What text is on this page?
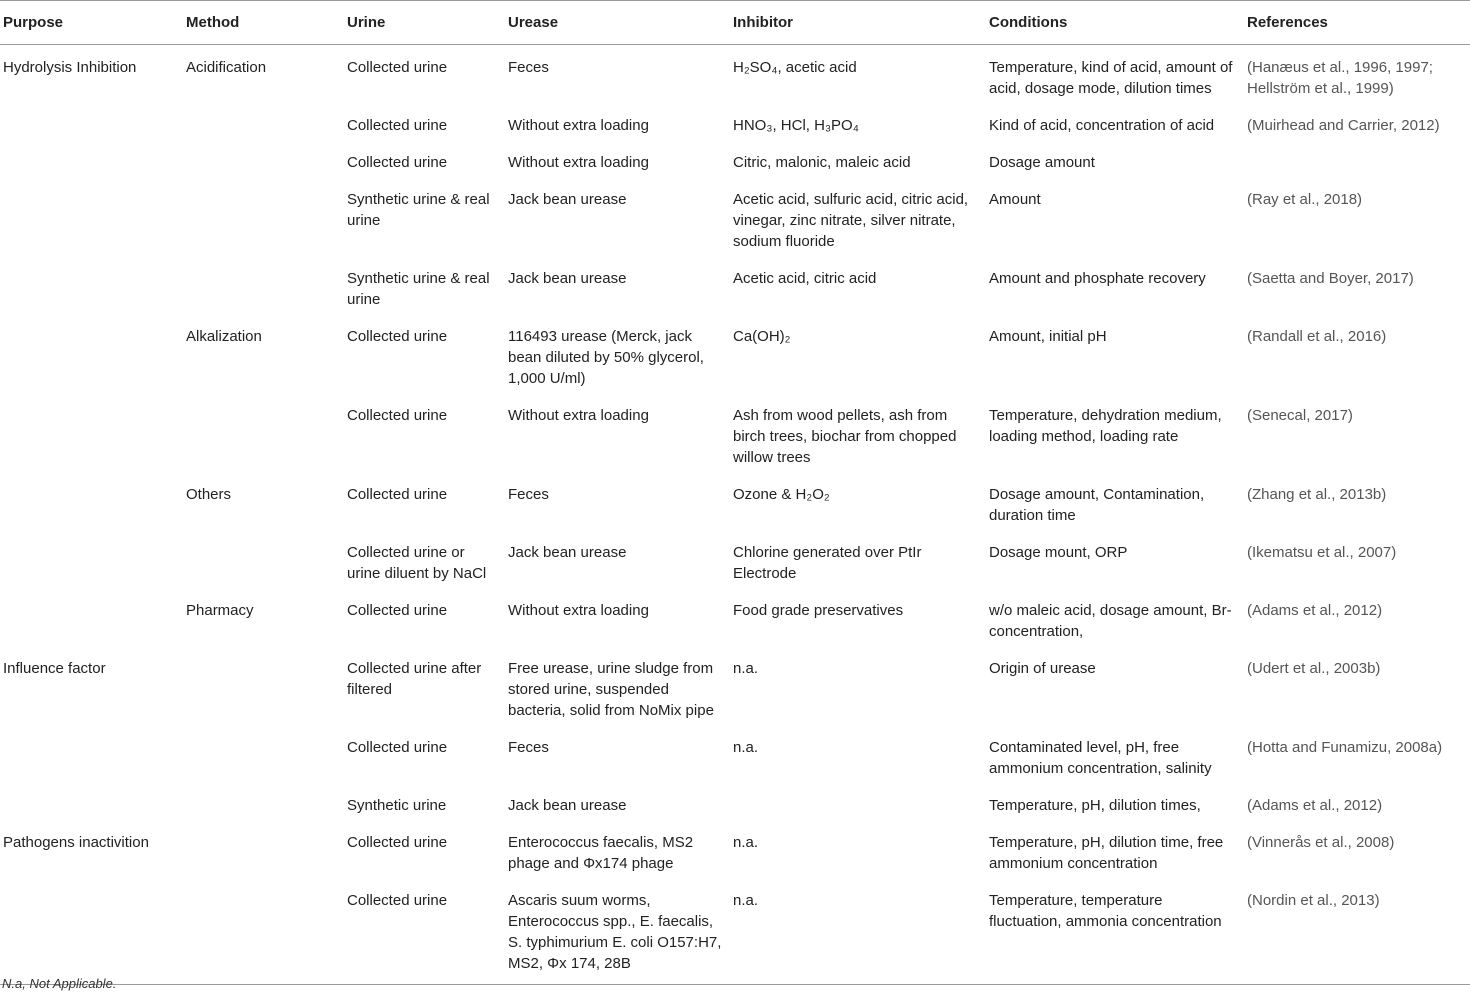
Purpose	Method	Urine	Urease	Inhibitor	Conditions	References
Hydrolysis Inhibition	Acidification	Collected urine	Feces	H₂SO₄, acetic acid	Temperature, kind of acid, amount of acid, dosage mode, dilution times	(Hanæus et al., 1996, 1997; Hellström et al., 1999)
		Collected urine	Without extra loading	HNO₃, HCl, H₃PO₄	Kind of acid, concentration of acid	(Muirhead and Carrier, 2012)
		Collected urine	Without extra loading	Citric, malonic, maleic acid	Dosage amount	
		Synthetic urine & real urine	Jack bean urease	Acetic acid, sulfuric acid, citric acid, vinegar, zinc nitrate, silver nitrate, sodium fluoride	Amount	(Ray et al., 2018)
		Synthetic urine & real urine	Jack bean urease	Acetic acid, citric acid	Amount and phosphate recovery	(Saetta and Boyer, 2017)
	Alkalization	Collected urine	116493 urease (Merck, jack bean diluted by 50% glycerol, 1,000 U/ml)	Ca(OH)₂	Amount, initial pH	(Randall et al., 2016)
		Collected urine	Without extra loading	Ash from wood pellets, ash from birch trees, biochar from chopped willow trees	Temperature, dehydration medium, loading method, loading rate	(Senecal, 2017)
	Others	Collected urine	Feces	Ozone & H₂O₂	Dosage amount, Contamination, duration time	(Zhang et al., 2013b)
		Collected urine or urine diluent by NaCl	Jack bean urease	Chlorine generated over PtIr Electrode	Dosage mount, ORP	(Ikematsu et al., 2007)
	Pharmacy	Collected urine	Without extra loading	Food grade preservatives	w/o maleic acid, dosage amount, Br- concentration,	(Adams et al., 2012)
Influence factor		Collected urine after filtered	Free urease, urine sludge from stored urine, suspended bacteria, solid from NoMix pipe	n.a.	Origin of urease	(Udert et al., 2003b)
		Collected urine	Feces	n.a.	Contaminated level, pH, free ammonium concentration, salinity	(Hotta and Funamizu, 2008a)
		Synthetic urine	Jack bean urease		Temperature, pH, dilution times,	(Adams et al., 2012)
Pathogens inactivition		Collected urine	Enterococcus faecalis, MS2 phage and Φx174 phage	n.a.	Temperature, pH, dilution time, free ammonium concentration	(Vinnerås et al., 2008)
		Collected urine	Ascaris suum worms, Enterococcus spp., E. faecalis, S. typhimurium E. coli O157:H7, MS2, Φx 174, 28B	n.a.	Temperature, temperature fluctuation, ammonia concentration	(Nordin et al., 2013)
N.a, Not Applicable.
